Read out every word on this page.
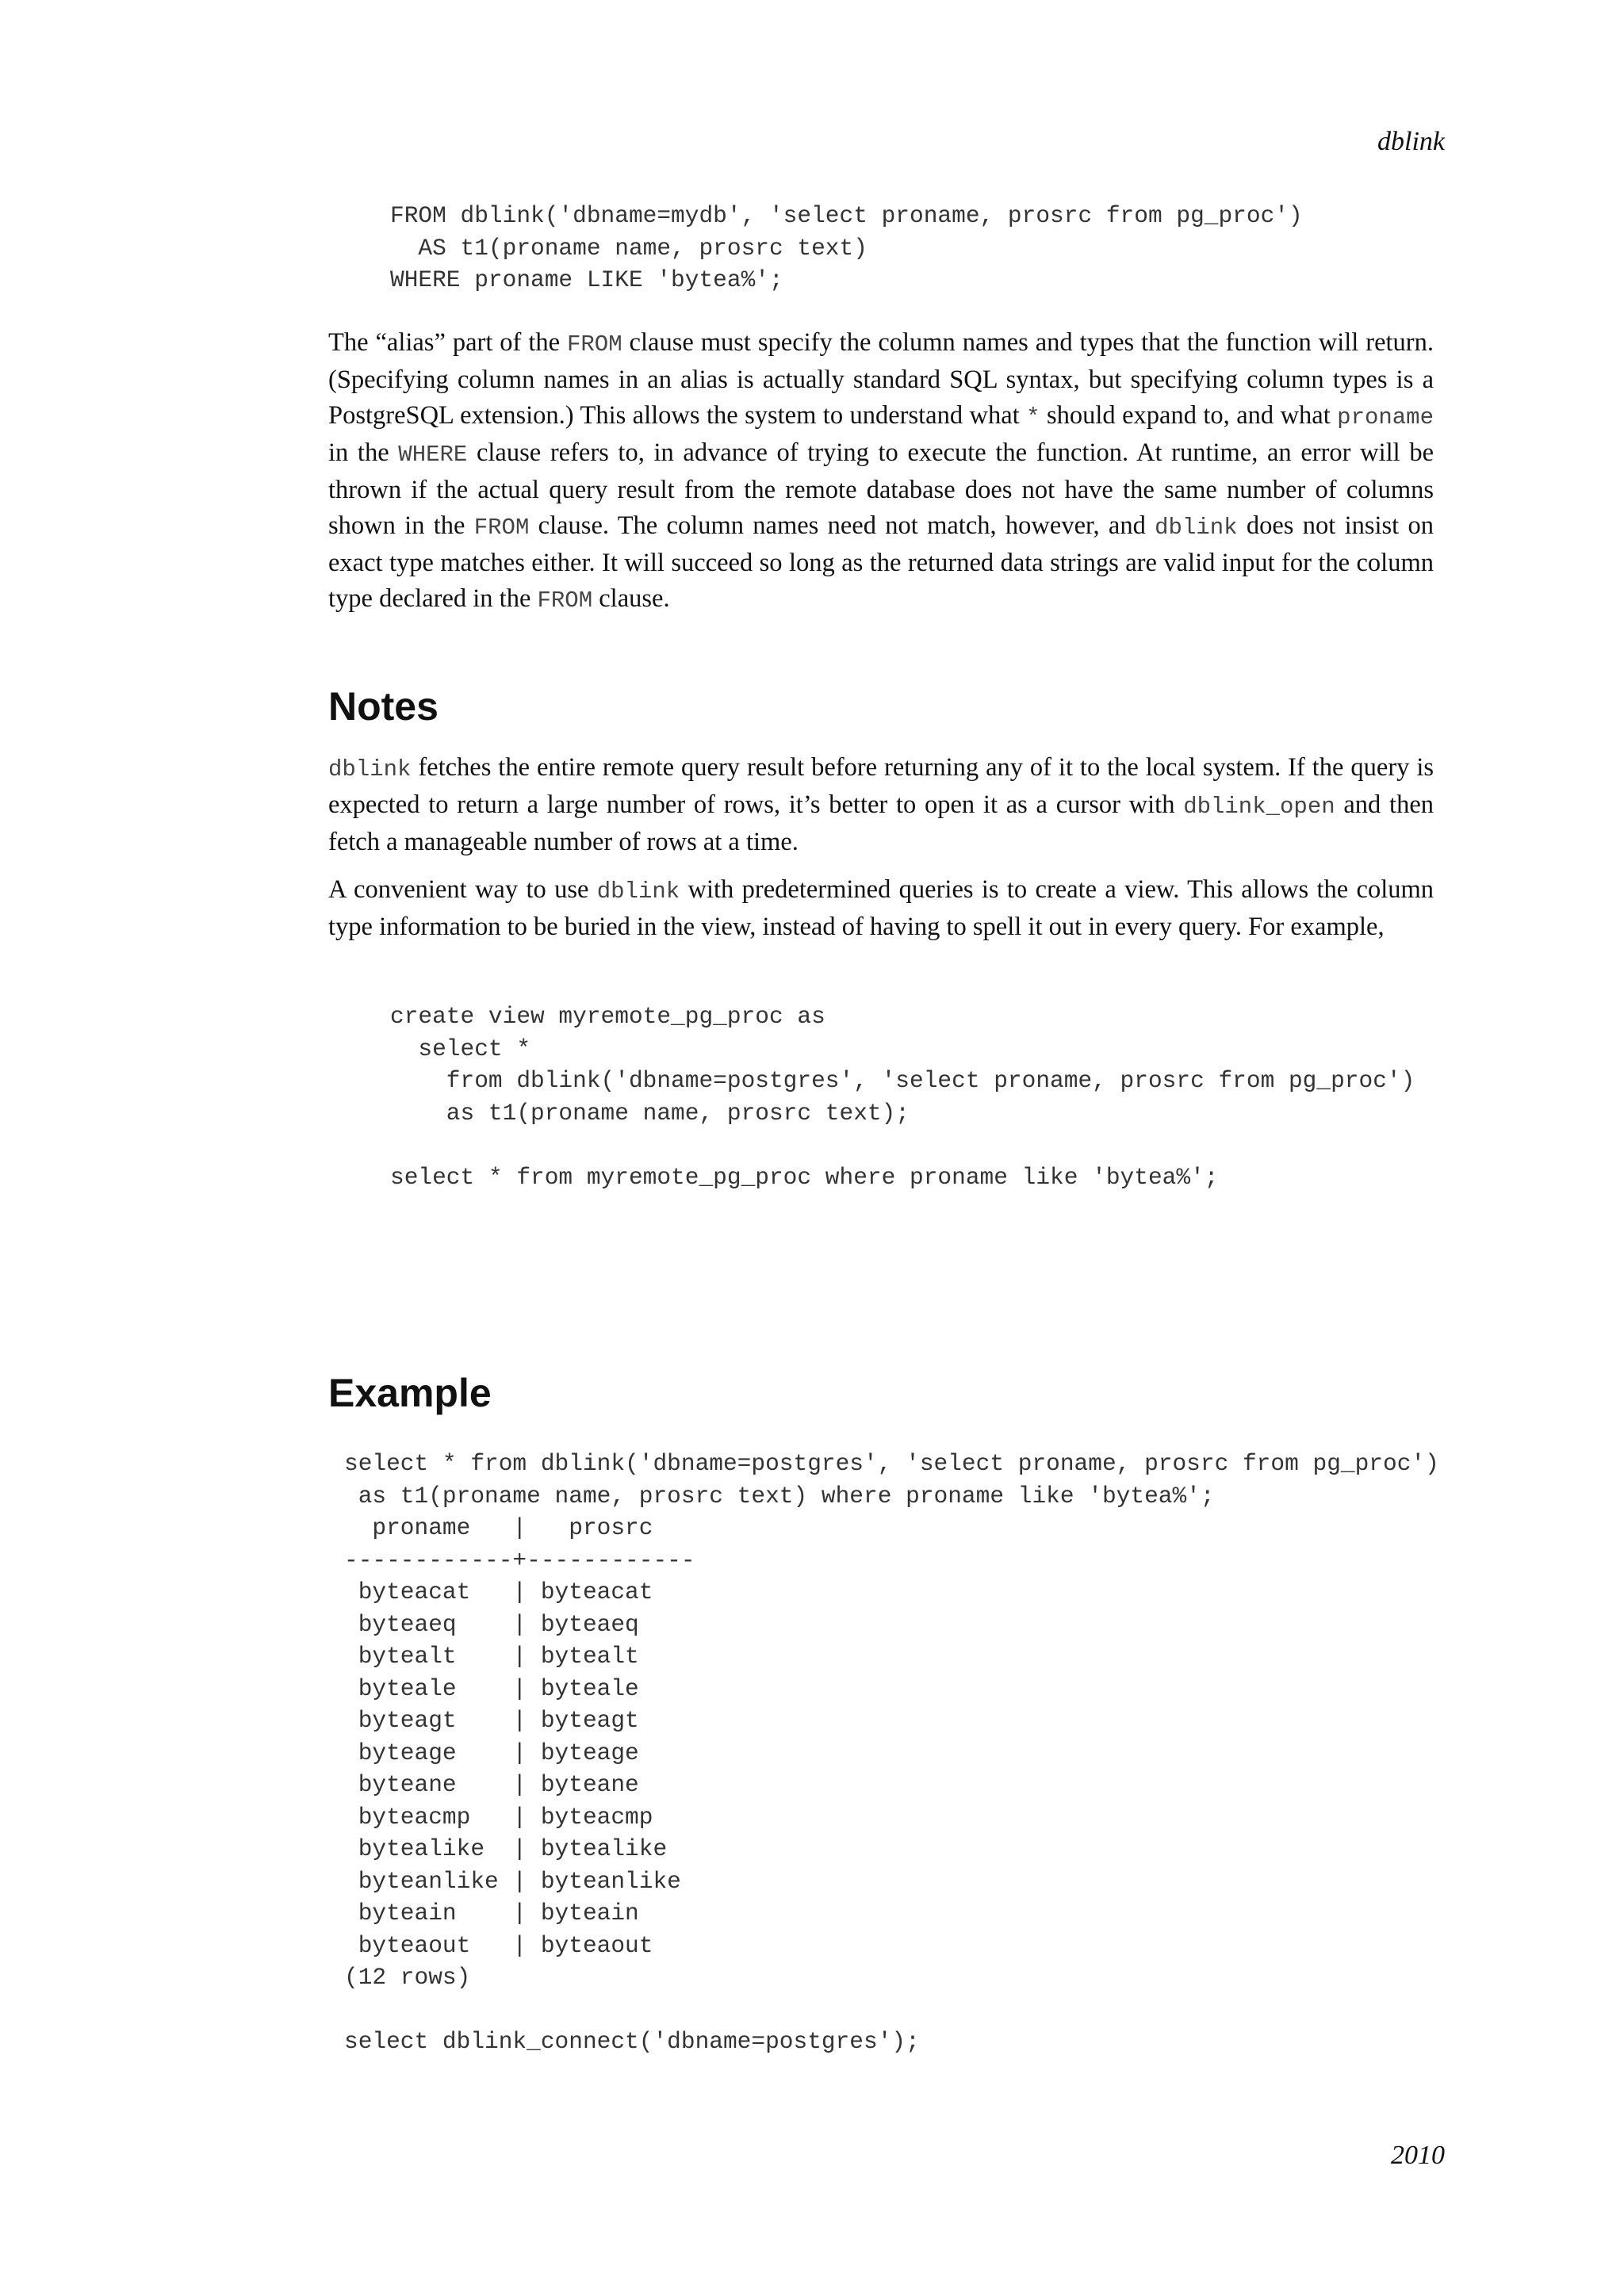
dblink
FROM dblink('dbname=mydb', 'select proname, prosrc from pg_proc')
AS t1(proname name, prosrc text)
WHERE proname LIKE 'bytea%';

The “alias” part of the FROM clause must specify the column names and types that the function will return. (Specifying column names in an alias is actually standard SQL syntax, but specifying column types is a PostgreSQL extension.) This allows the system to understand what * should expand to, and what proname in the WHERE clause refers to, in advance of trying to execute the function. At runtime, an error will be thrown if the actual query result from the remote database does not have the same number of columns shown in the FROM clause. The column names need not match, however, and dblink does not insist on exact type matches either. It will succeed so long as the returned data strings are valid input for the column type declared in the FROM clause.

Notes

dblink fetches the entire remote query result before returning any of it to the local system. If the query is expected to return a large number of rows, it’s better to open it as a cursor with dblink_open and then fetch a manageable number of rows at a time.

A convenient way to use dblink with predetermined queries is to create a view. This allows the column type information to be buried in the view, instead of having to spell it out in every query. For example,

create view myremote_pg_proc as
select *
from dblink('dbname=postgres', 'select proname, prosrc from pg_proc')
as t1(proname name, prosrc text);

select * from myremote_pg_proc where proname like 'bytea%';
Example
select * from dblink('dbname=postgres', 'select proname, prosrc from pg_proc')
as t1(proname name, prosrc text) where proname like 'bytea%';
proname   |   prosrc
------------+------------
byteacat   | byteacat
byteaeq    | byteaeq
bytealt    | bytealt
byteale    | byteale
byteagt    | byteagt
byteage    | byteage
byteane    | byteane
byteacmp   | byteacmp
bytealike  | bytealike
byteanlike | byteanlike
byteain    | byteain
byteaout   | byteaout
(12 rows)

select dblink_connect('dbname=postgres');
2010
